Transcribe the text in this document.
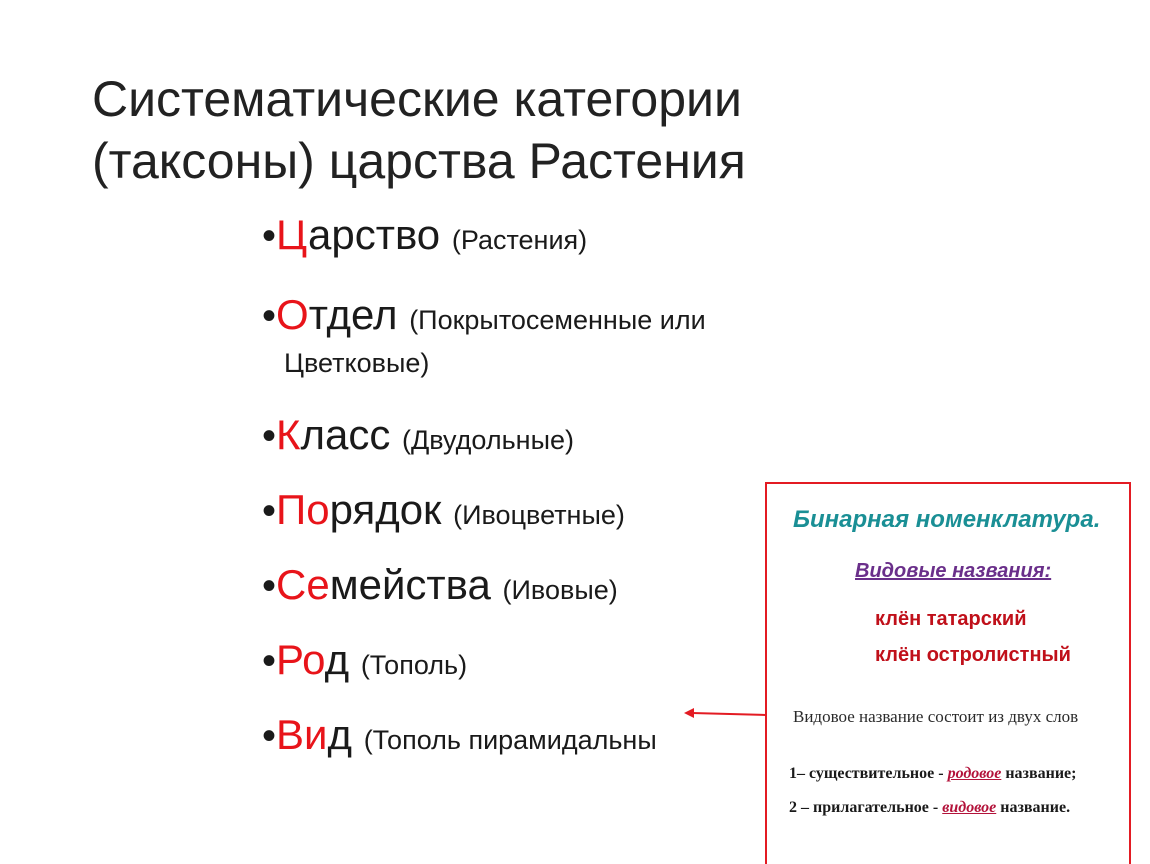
Систематические категории
(таксоны) царства Растения
•Царство (Растения)
•Отдел (Покрытосеменные или
Цветковые)
•Класс (Двудольные)
•Порядок (Ивоцветные)
•Семейства (Ивовые)
•Род (Тополь)
•Вид (Тополь пирамидальны
Бинарная номенклатура.
Видовые названия:
клён татарский
клён остролистный
Видовое название состоит из двух слов
1– существительное - родовое название;
2 – прилагательное - видовое название.
